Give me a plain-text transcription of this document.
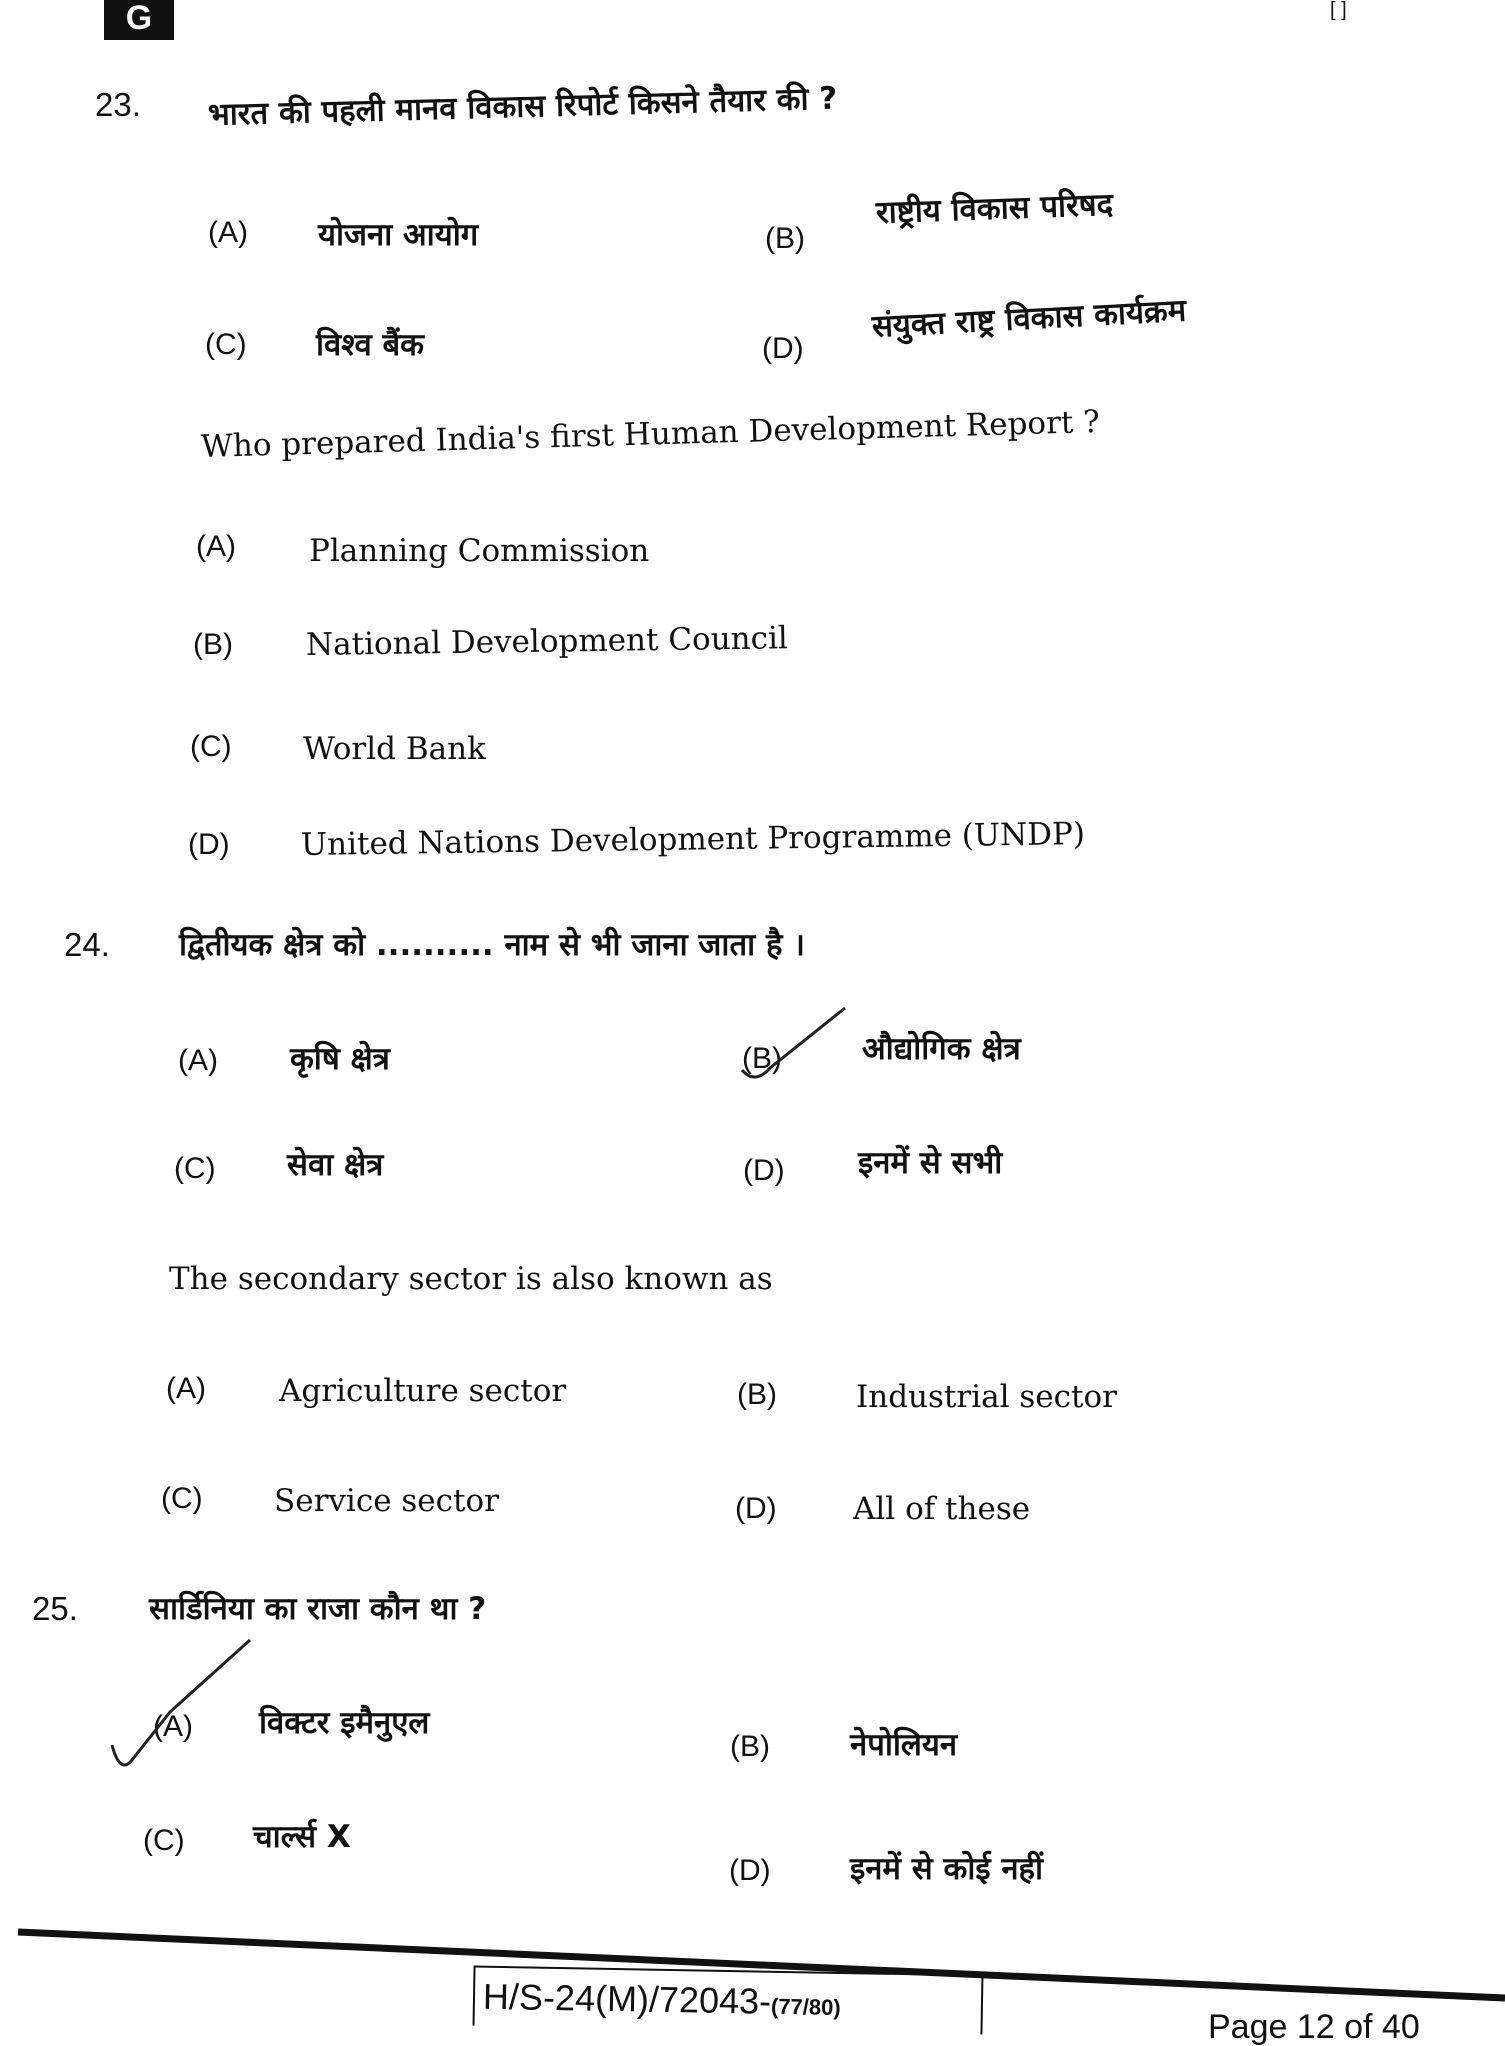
G	[ ]
23. भारत की पहली मानव विकास रिपोर्ट किसने तैयार की ?
(A) योजना आयोग	(B)
राष्ट्रीय विकास परिषद
(C) विश्व बैंक	(D)
संयुक्त राष्ट्र विकास कार्यक्रम
Who prepared India's first Human Development Report ?
(A) Planning Commission
(B) National Development Council
(C) World Bank
(D) United Nations Development Programme (UNDP)
24. द्वितीयक क्षेत्र को .......... नाम से भी जाना जाता है ।
(A) कृषि क्षेत्र	(B)	औद्योगिक क्षेत्र
(C) सेवा क्षेत्र	(D) इनमें से सभी
The secondary sector is also known as
(A) Agriculture sector	(B)	Industrial sector
(C) Service sector	(D) All of these
25. सार्डिनिया का राजा कौन था ?
(A) विक्टर इमैनुएल
(B)	नेपोलियन
(C) चार्ल्स X
(D)	इनमें से कोई नहीं
H/S-24(M)/72043-(77/80)
Page 12 of 40
